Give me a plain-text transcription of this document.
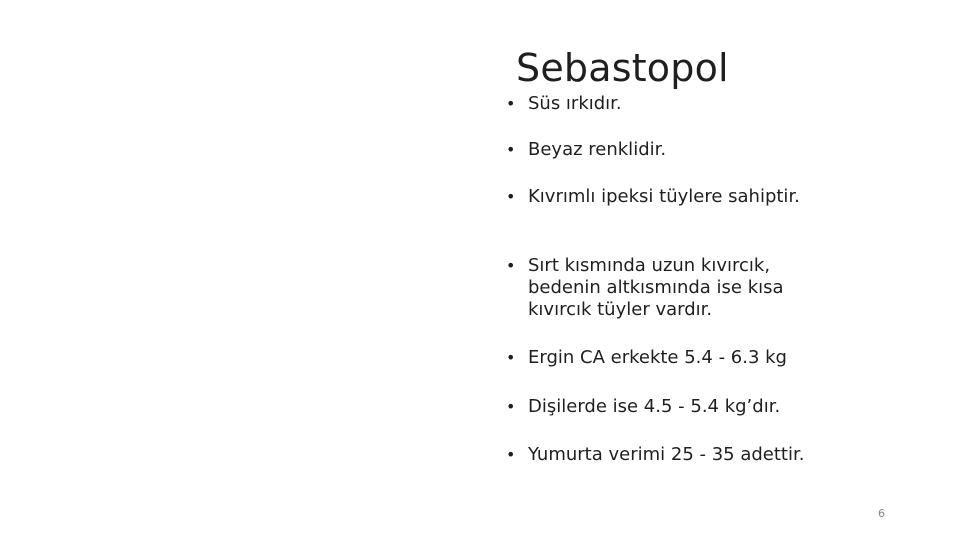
Sebastopol
• Süs ırkıdır.
• Beyaz renklidir.
• Kıvrımlı ipeksi tüylere sahiptir.
• Sırt kısmında uzun kıvırcık, bedenin altkısmında ise kısa kıvırcık tüyler vardır.
• Ergin CA erkekte 5.4 - 6.3 kg
• Dişilerde ise 4.5 - 5.4 kg’dır.
• Yumurta verimi 25 - 35 adettir.
6
